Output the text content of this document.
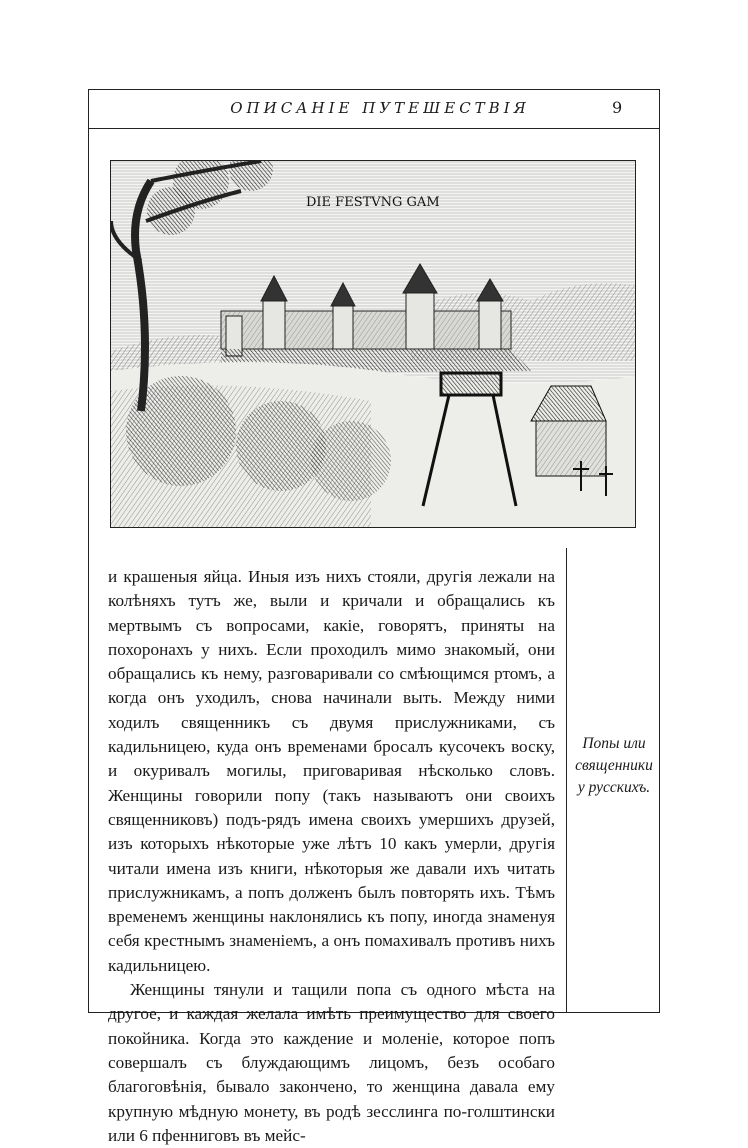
ОПИСАНІЕ ПУТЕШЕСТВІЯ	9
DIE FESTVNG GAM

и крашеныя яйца. Иныя изъ нихъ стояли, другія лежали на колѣняхъ тутъ же, выли и кричали и обращались къ мертвымъ съ вопросами, какіе, говорятъ, приняты на похоронахъ у нихъ. Если проходилъ мимо знакомый, они обращались къ нему, разговаривали со смѣющимся ртомъ, а когда онъ уходилъ, снова начинали выть. Между ними ходилъ священникъ съ двумя прислужниками, съ кадильницею, куда онъ временами бросалъ кусочекъ воску, и окуривалъ могилы, приговаривая нѣсколько словъ. Женщины говорили попу (такъ называютъ они своихъ священниковъ) подъ-рядъ имена своихъ умершихъ друзей, изъ которыхъ нѣкоторые уже лѣтъ 10 какъ умерли, другія читали имена изъ книги, нѣкоторыя же давали ихъ читать прислужникамъ, а попъ долженъ былъ повторять ихъ. Тѣмъ временемъ женщины наклонялись къ попу, иногда знаменуя себя крестнымъ знаменіемъ, а онъ помахивалъ противъ нихъ кадильницею.

Женщины тянули и тащили попа съ одного мѣста на другое, и каждая желала имѣть преимущество для своего покойника. Когда это каждение и моленіе, которое попъ совершалъ съ блуждающимъ лицомъ, безъ особаго благоговѣнія, бывало закончено, то женщина давала ему крупную мѣдную монету, въ родѣ зесслинга по-голштински или 6 пфенниговъ въ мейс-

Попы или священники у русскихъ.
